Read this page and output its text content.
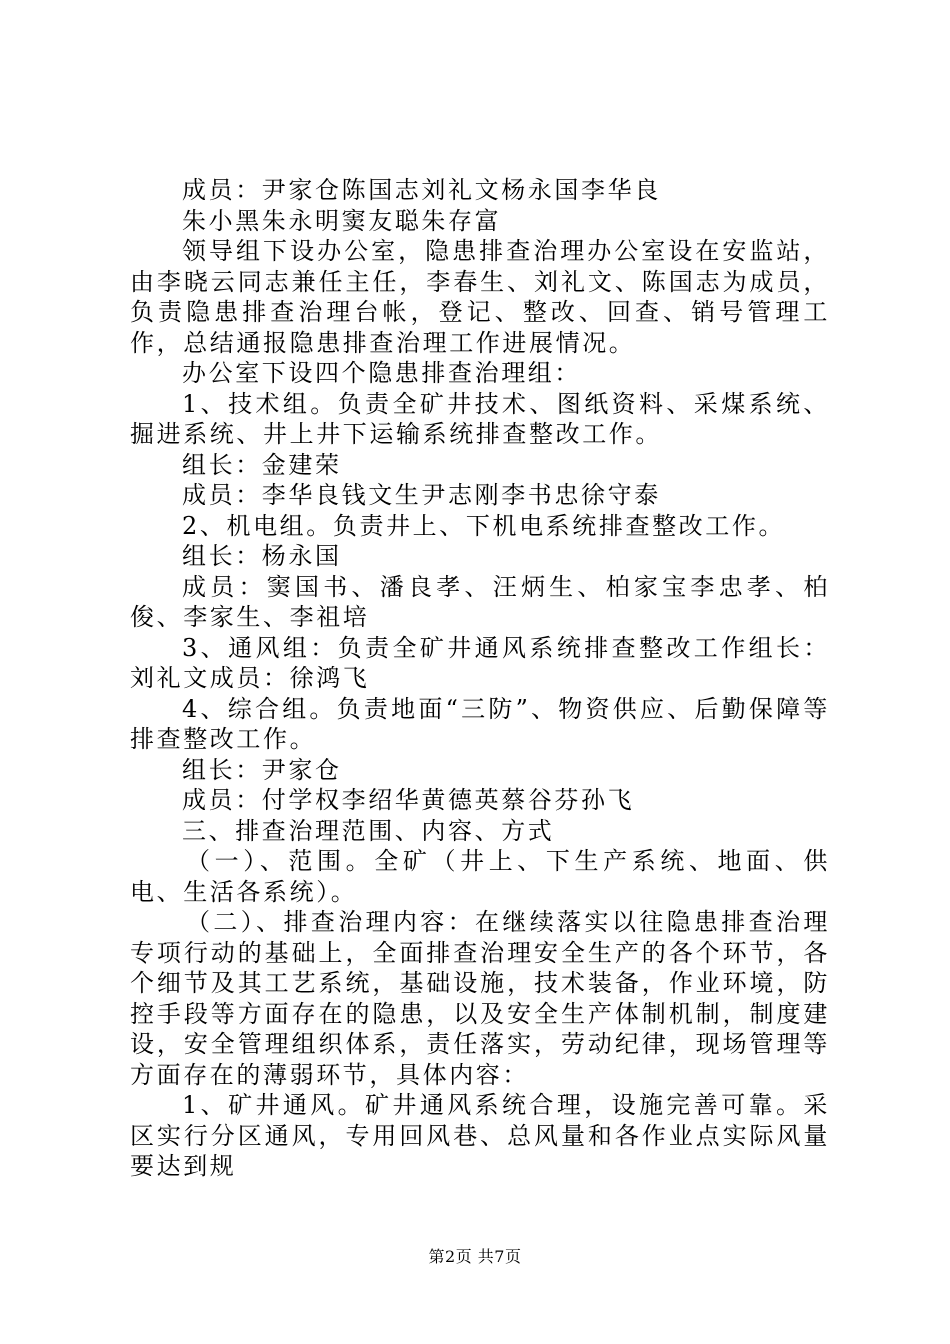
成员：尹家仓陈国志刘礼文杨永国李华良

朱小黑朱永明窦友聪朱存富

领导组下设办公室，隐患排查治理办公室设在安监站，由李晓云同志兼任主任，李春生、刘礼文、陈国志为成员，负责隐患排查治理台帐，登记、整改、回查、销号管理工作，总结通报隐患排查治理工作进展情况。

办公室下设四个隐患排查治理组：

1、技术组。负责全矿井技术、图纸资料、采煤系统、掘进系统、井上井下运输系统排查整改工作。

组长：金建荣

成员：李华良钱文生尹志刚李书忠徐守泰

2、机电组。负责井上、下机电系统排查整改工作。

组长：杨永国

成员：窦国书、潘良孝、汪炳生、柏家宝李忠孝、柏俊、李家生、李祖培

3、通风组：负责全矿井通风系统排查整改工作组长：刘礼文成员：徐鸿飞

4、综合组。负责地面“三防”、物资供应、后勤保障等排查整改工作。

组长：尹家仓

成员：付学权李绍华黄德英蔡谷芬孙飞

三、排查治理范围、内容、方式

（一）、范围。全矿（井上、下生产系统、地面、供电、生活各系统）。

（二）、排查治理内容：在继续落实以往隐患排查治理专项行动的基础上，全面排查治理安全生产的各个环节，各个细节及其工艺系统，基础设施，技术装备，作业环境，防控手段等方面存在的隐患，以及安全生产体制机制，制度建设，安全管理组织体系，责任落实，劳动纪律，现场管理等方面存在的薄弱环节，具体内容：

1、矿井通风。矿井通风系统合理，设施完善可靠。采区实行分区通风，专用回风巷、总风量和各作业点实际风量要达到规

第2页 共7页
